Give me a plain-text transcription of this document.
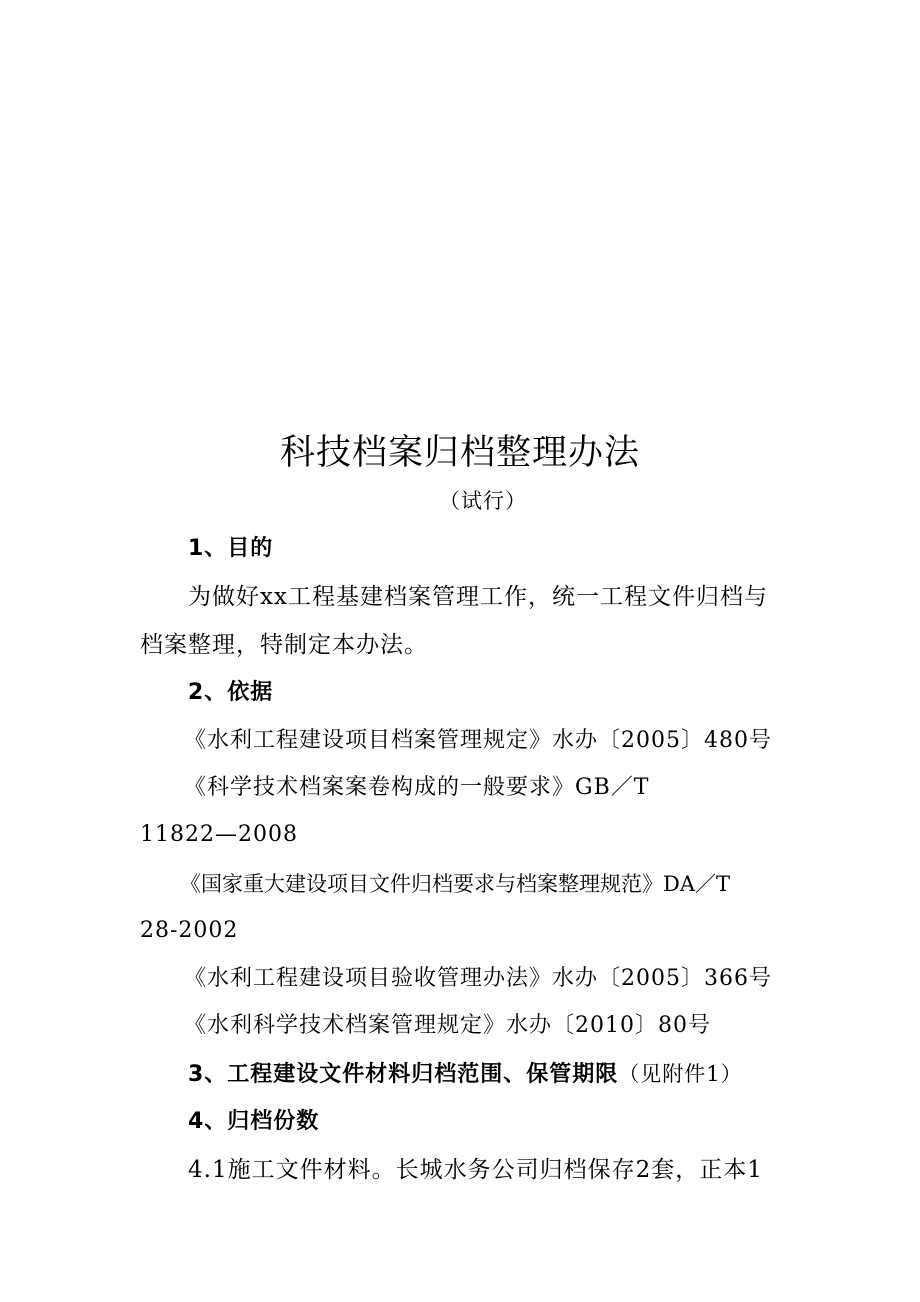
科技档案归档整理办法
（试行）
1、目的
为做好xx工程基建档案管理工作，统一工程文件归档与
档案整理，特制定本办法。
2、依据
《水利工程建设项目档案管理规定》水办〔2005〕480号
《科学技术档案案卷构成的一般要求》GB／T
11822—2008
《国家重大建设项目文件归档要求与档案整理规范》DA／T
28-2002
《水利工程建设项目验收管理办法》水办〔2005〕366号
《水利科学技术档案管理规定》水办〔2010〕80号
3、工程建设文件材料归档范围、保管期限（见附件1）
4、归档份数
4.1施工文件材料。长城水务公司归档保存2套，正本1
